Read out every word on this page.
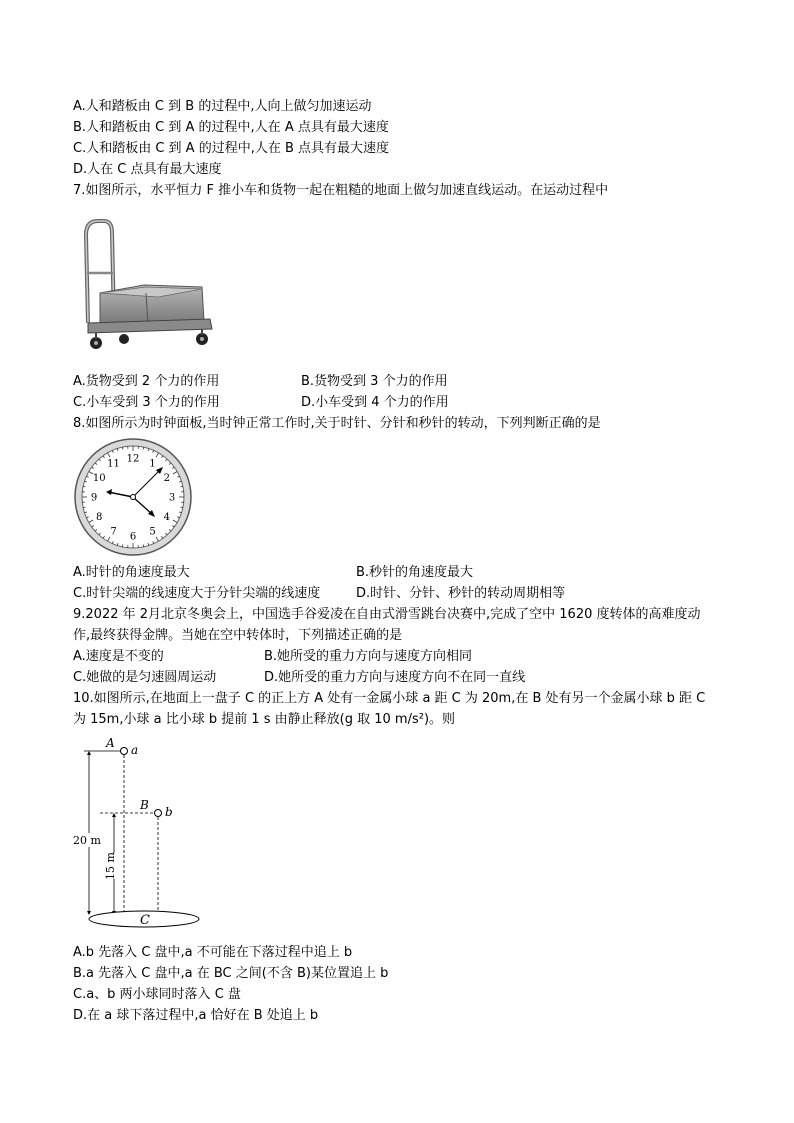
A.人和踏板由 C 到 B 的过程中,人向上做匀加速运动
B.人和踏板由 C 到 A 的过程中,人在 A 点具有最大速度
C.人和踏板由 C 到 A 的过程中,人在 B 点具有最大速度
D.人在 C 点具有最大速度
7.如图所示，水平恒力 F 推小车和货物一起在粗糙的地面上做匀加速直线运动。在运动过程中
A.货物受到 2 个力的作用	B.货物受到 3 个力的作用
C.小车受到 3 个力的作用	D.小车受到 4 个力的作用
8.如图所示为时钟面板,当时钟正常工作时,关于时针、分针和秒针的转动，下列判断正确的是
12 1
2
3
4
5
6
7
8
9
10
11
A.时针的角速度最大	B.秒针的角速度最大
C.时针尖端的线速度大于分针尖端的线速度	D.时针、分针、秒针的转动周期相等
9.2022 年 2月北京冬奥会上，中国选手谷爱凌在自由式滑雪跳台决赛中,完成了空中 1620 度转体的高难度动
作,最终获得金牌。当她在空中转体时，下列描述正确的是
A.速度是不变的	B.她所受的重力方向与速度方向相同
C.她做的是匀速圆周运动	D.她所受的重力方向与速度方向不在同一直线
10.如图所示,在地面上一盘子 C 的正上方 A 处有一金属小球 a 距 C 为 20m,在 B 处有另一个金属小球 b 距 C
为 15m,小球 a 比小球 b 提前 1 s 由静止释放(g 取 10 m/s²)。则
20 m
15 m
A a
B b
C
A.b 先落入 C 盘中,a 不可能在下落过程中追上 b
B.a 先落入 C 盘中,a 在 BC 之间(不含 B)某位置追上 b
C.a、b 两小球同时落入 C 盘
D.在 a 球下落过程中,a 恰好在 B 处追上 b
